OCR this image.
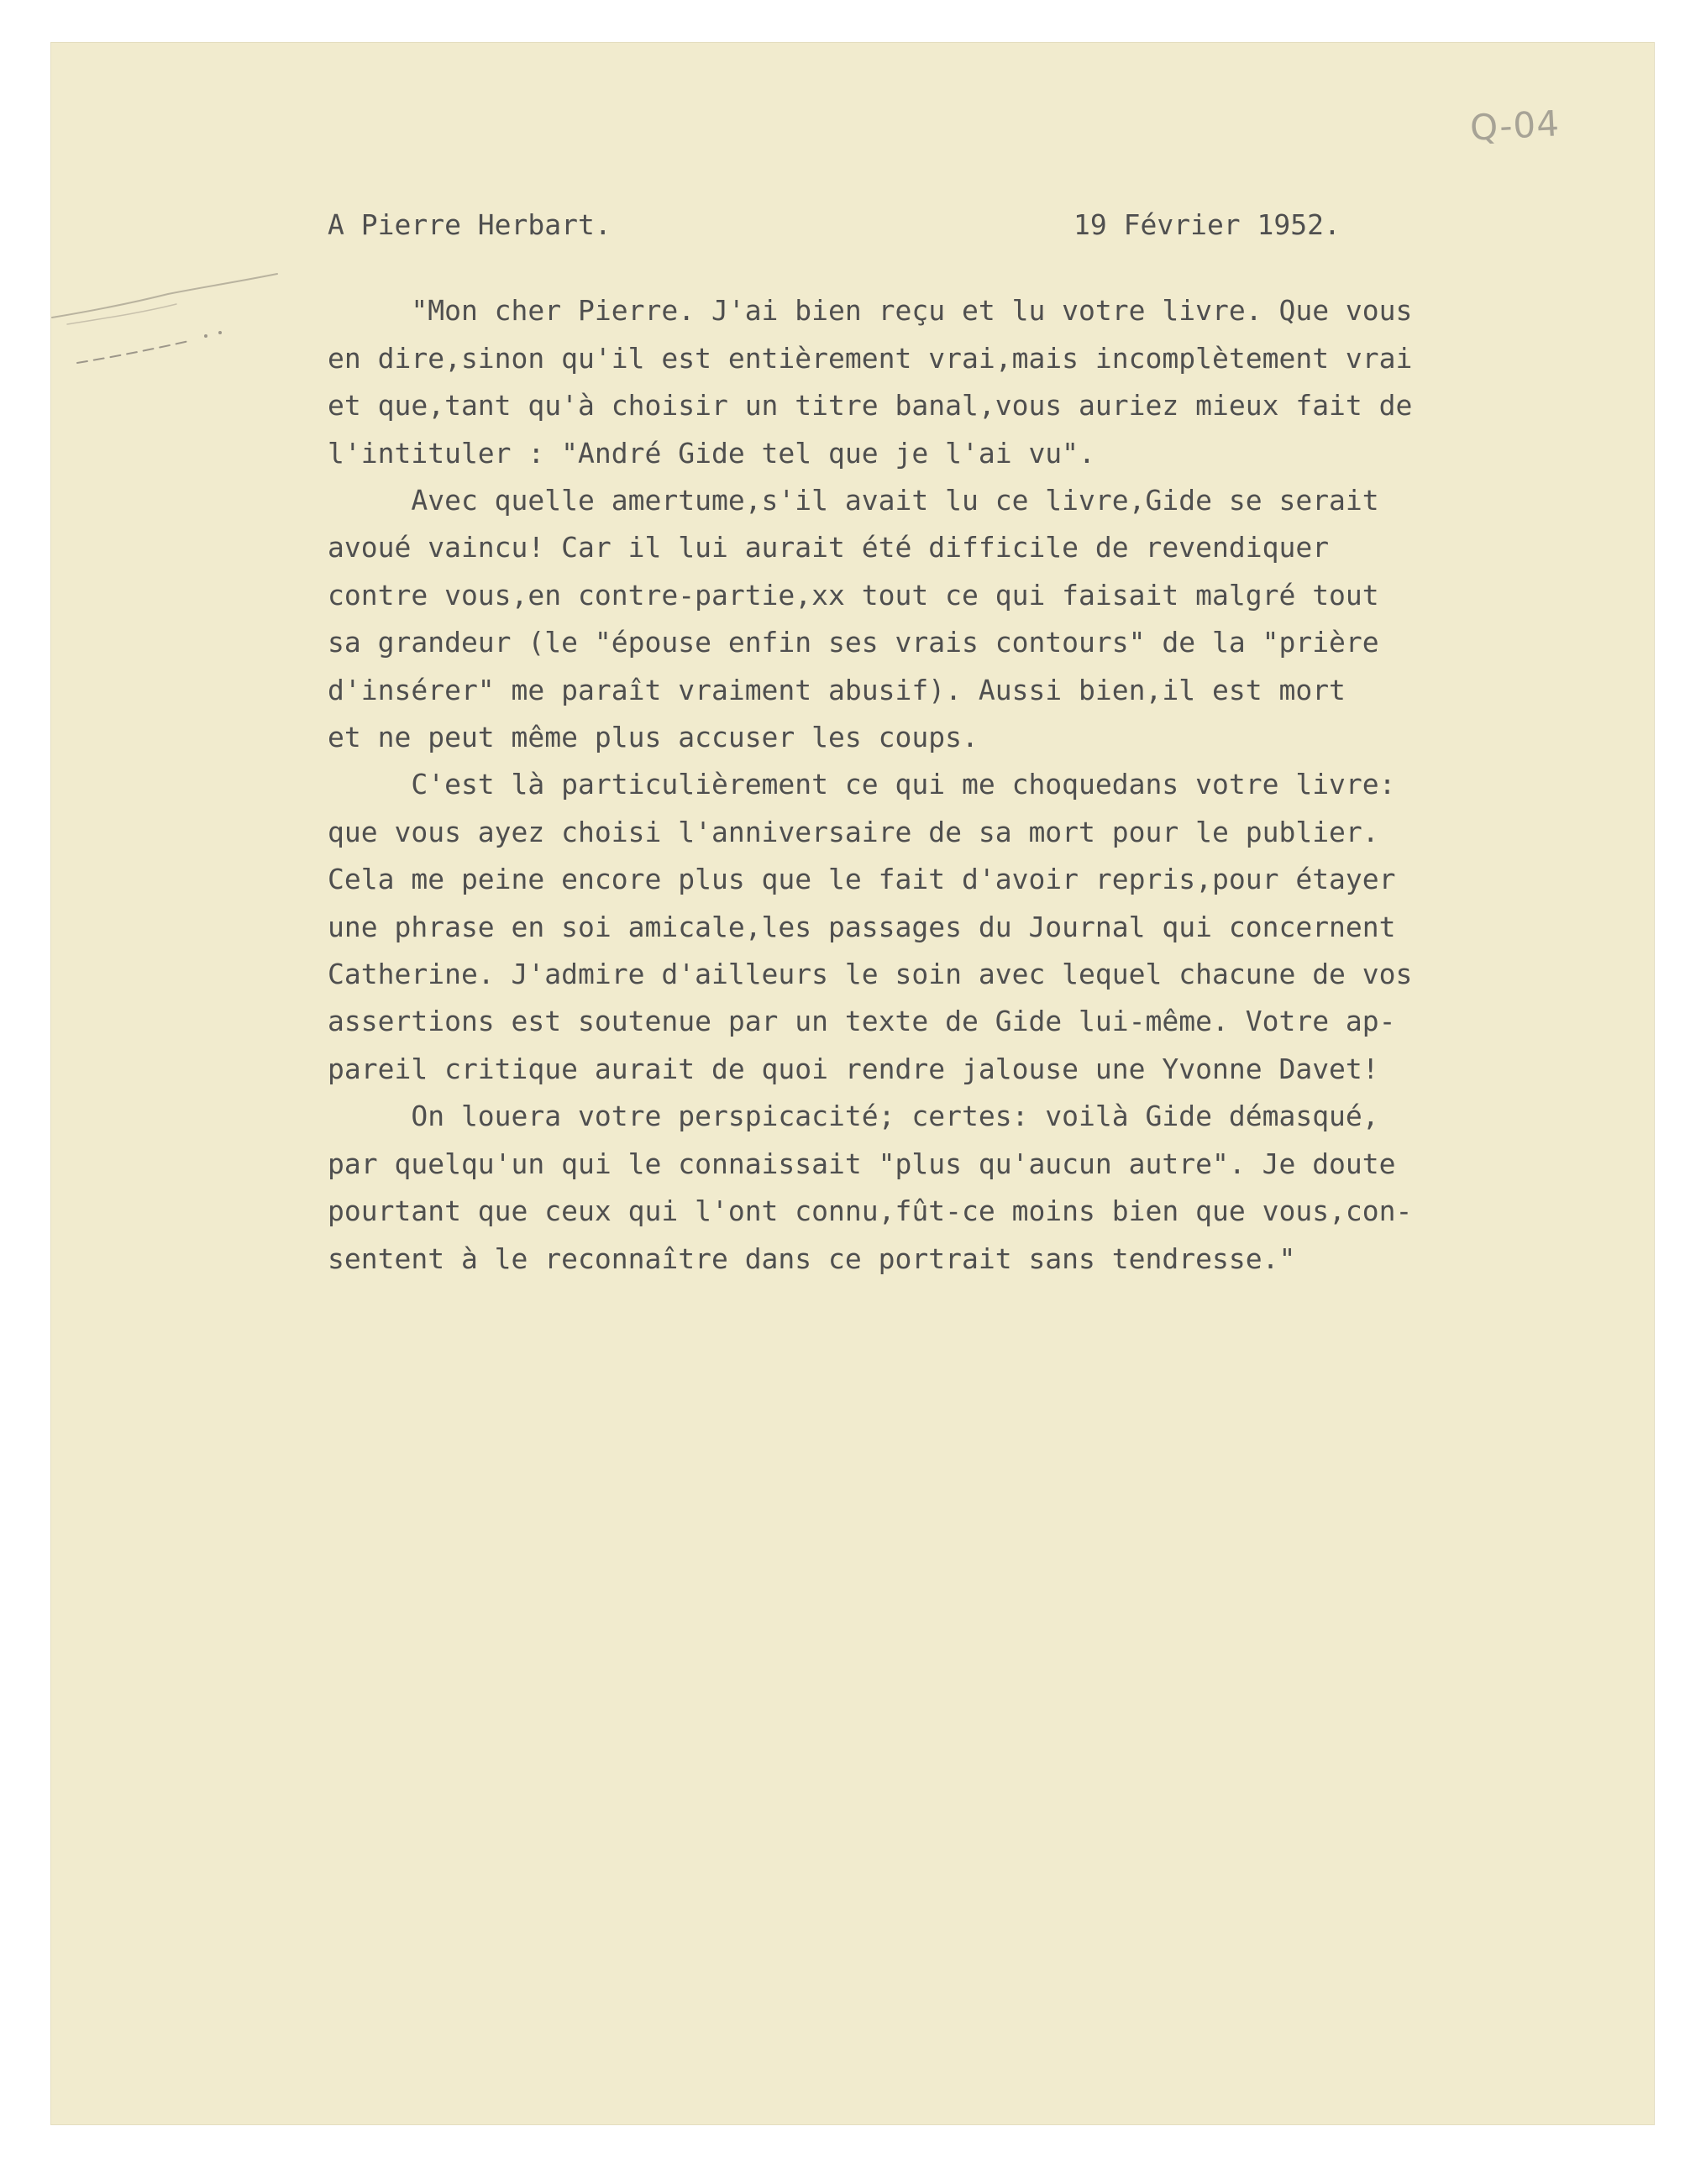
Q-04
A Pierre Herbart.	19 Février 1952.

"Mon cher Pierre. J'ai bien reçu et lu votre livre. Que vous
en dire,sinon qu'il est entièrement vrai,mais incomplètement vrai
et que,tant qu'à choisir un titre banal,vous auriez mieux fait de
l'intituler : "André Gide tel que je l'ai vu".

Avec quelle amertume,s'il avait lu ce livre,Gide se serait
avoué vaincu! Car il lui aurait été difficile de revendiquer
contre vous,en contre-partie,xx tout ce qui faisait malgré tout
sa grandeur (le "épouse enfin ses vrais contours" de la "prière
d'insérer" me paraît vraiment abusif). Aussi bien,il est mort
et ne peut même plus accuser les coups.

C'est là particulièrement ce qui me choquedans votre livre:
que vous ayez choisi l'anniversaire de sa mort pour le publier.
Cela me peine encore plus que le fait d'avoir repris,pour étayer
une phrase en soi amicale,les passages du Journal qui concernent
Catherine. J'admire d'ailleurs le soin avec lequel chacune de vos
assertions est soutenue par un texte de Gide lui-même. Votre ap-
pareil critique aurait de quoi rendre jalouse une Yvonne Davet!

On louera votre perspicacité; certes: voilà Gide démasqué,
par quelqu'un qui le connaissait "plus qu'aucun autre". Je doute
pourtant que ceux qui l'ont connu,fût-ce moins bien que vous,con-
sentent à le reconnaître dans ce portrait sans tendresse."
